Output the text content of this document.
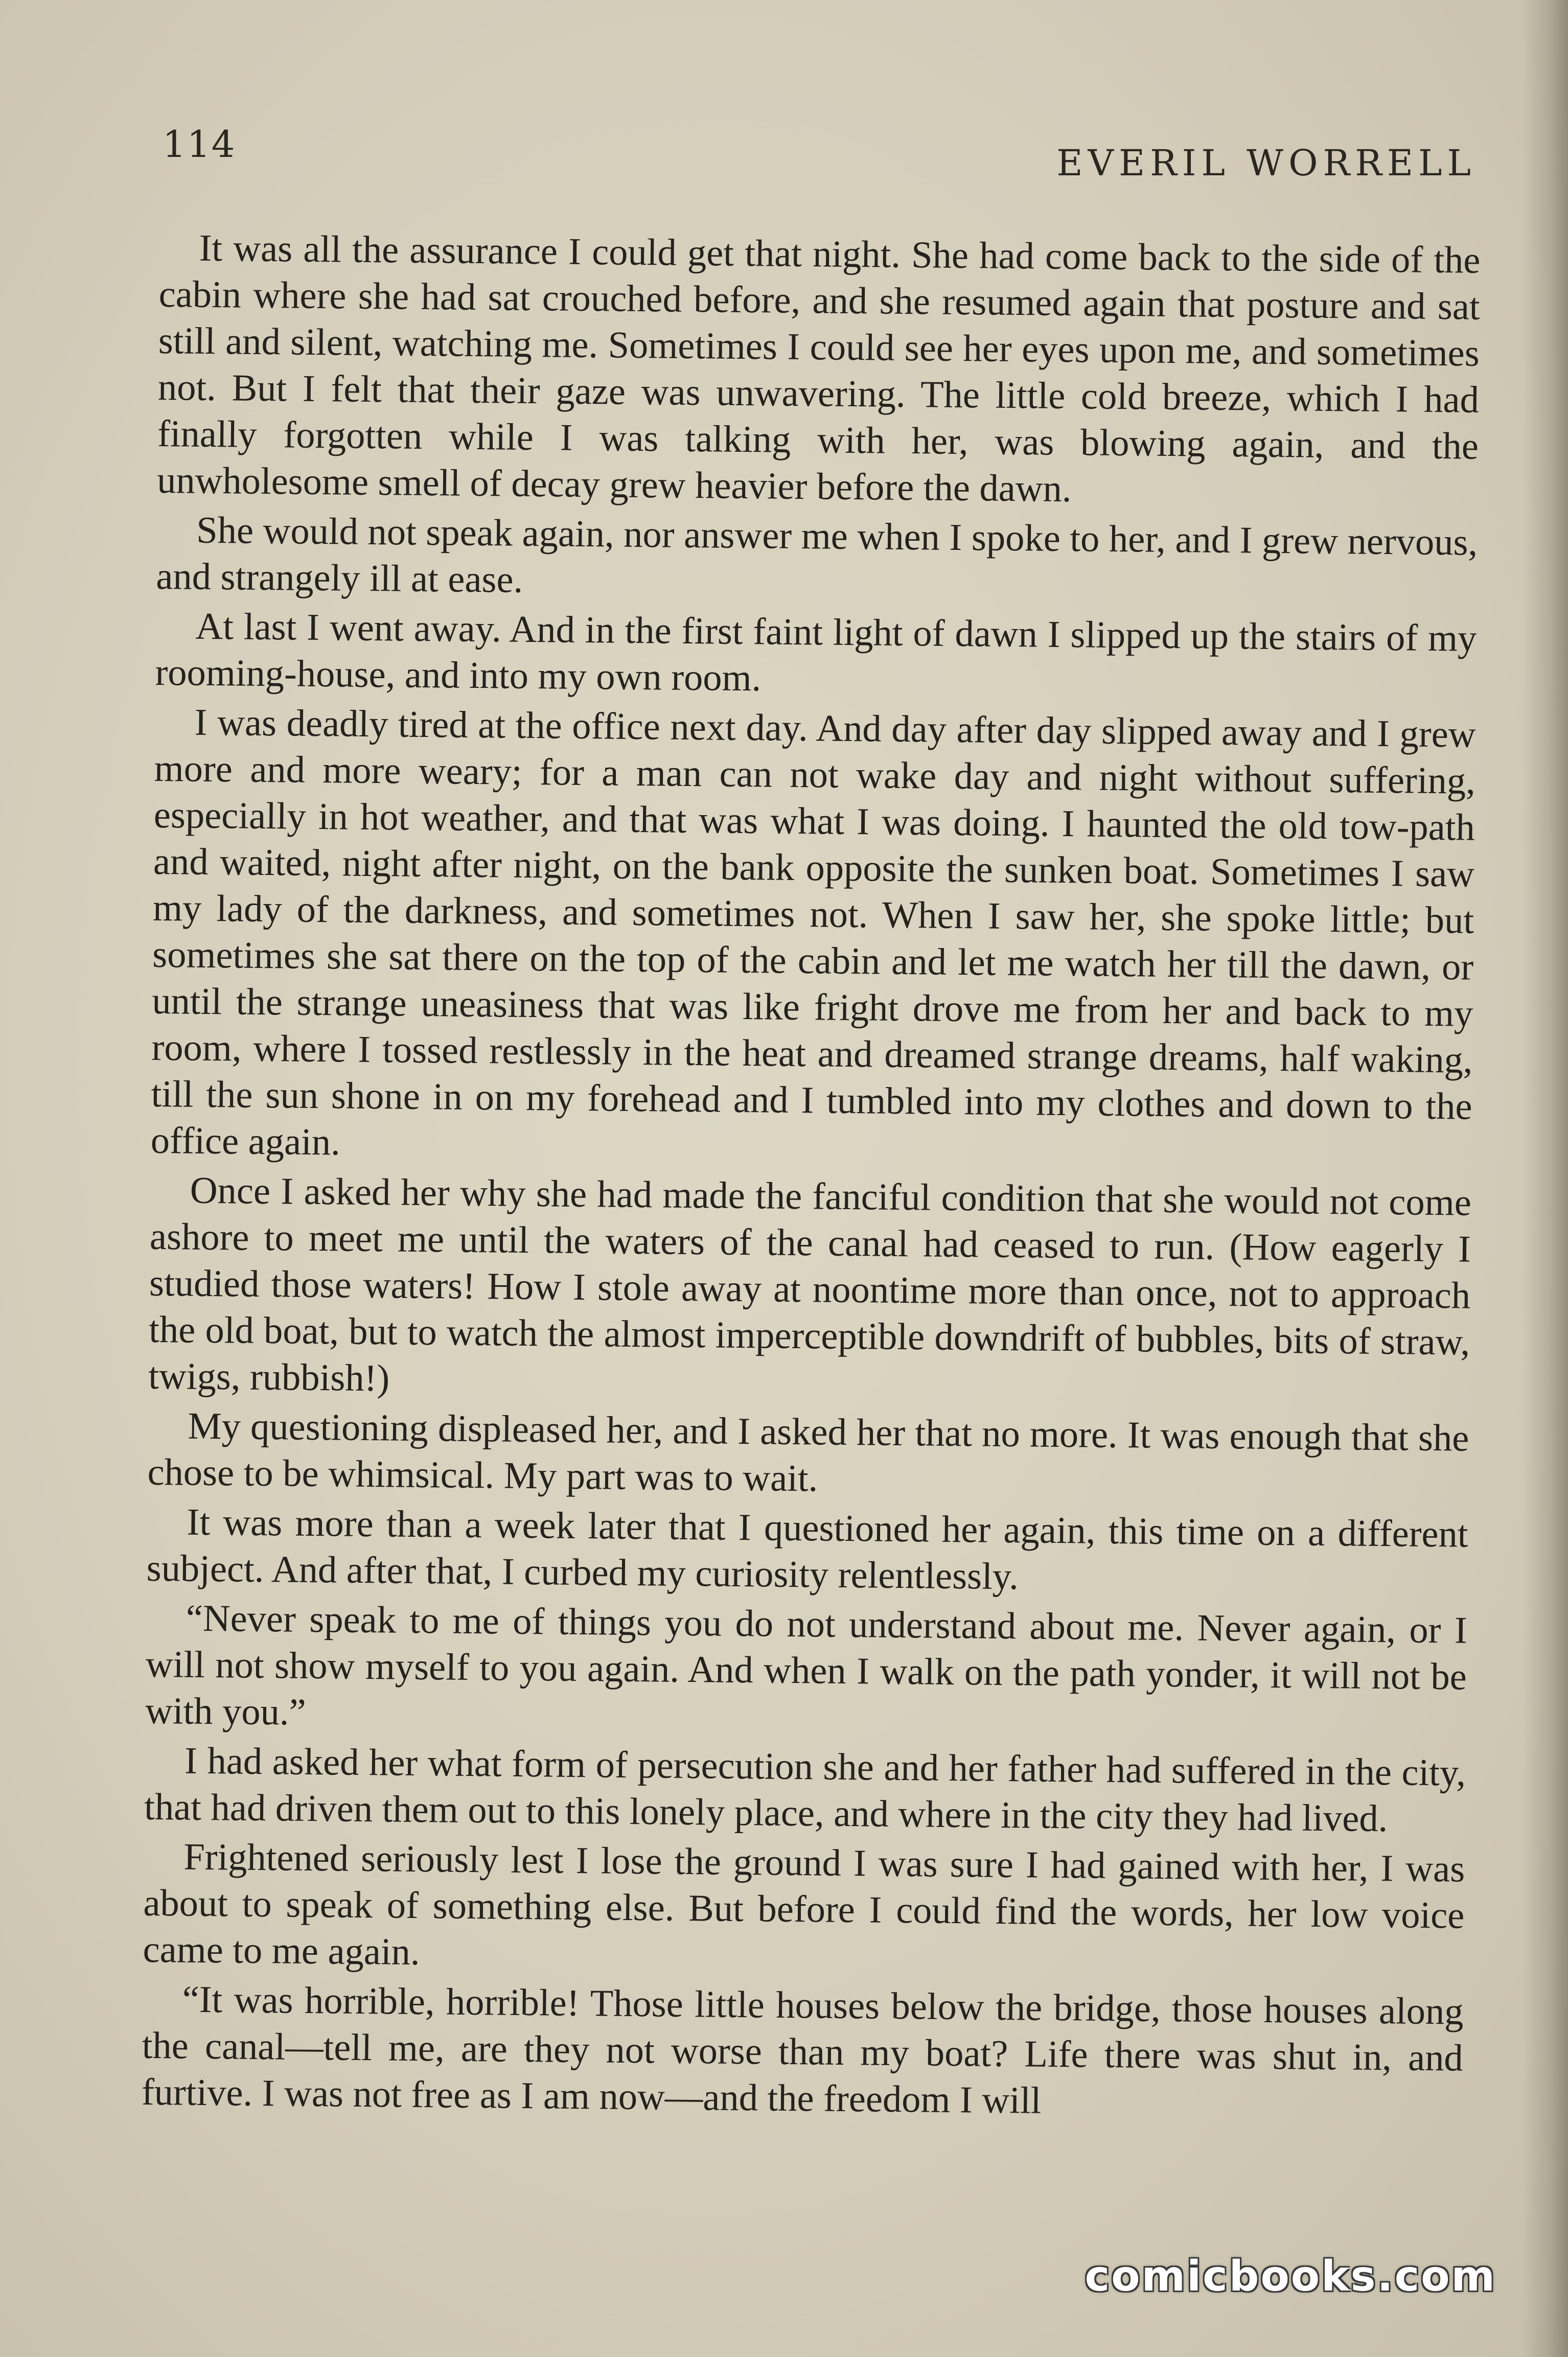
114	EVERIL WORRELL

It was all the assurance I could get that night. She had come back to the side of the cabin where she had sat crouched before, and she resumed again that posture and sat still and silent, watching me. Sometimes I could see her eyes upon me, and sometimes not. But I felt that their gaze was unwavering. The little cold breeze, which I had finally forgotten while I was talking with her, was blowing again, and the unwholesome smell of decay grew heavier before the dawn.

She would not speak again, nor answer me when I spoke to her, and I grew nervous, and strangely ill at ease.

At last I went away. And in the first faint light of dawn I slipped up the stairs of my rooming-house, and into my own room.

I was deadly tired at the office next day. And day after day slipped away and I grew more and more weary; for a man can not wake day and night without suffering, especially in hot weather, and that was what I was doing. I haunted the old tow-path and waited, night after night, on the bank opposite the sunken boat. Sometimes I saw my lady of the darkness, and sometimes not. When I saw her, she spoke little; but sometimes she sat there on the top of the cabin and let me watch her till the dawn, or until the strange uneasiness that was like fright drove me from her and back to my room, where I tossed restlessly in the heat and dreamed strange dreams, half waking, till the sun shone in on my forehead and I tumbled into my clothes and down to the office again.

Once I asked her why she had made the fanciful condition that she would not come ashore to meet me until the waters of the canal had ceased to run. (How eagerly I studied those waters! How I stole away at noontime more than once, not to approach the old boat, but to watch the almost imperceptible downdrift of bubbles, bits of straw, twigs, rubbish!)

My questioning displeased her, and I asked her that no more. It was enough that she chose to be whimsical. My part was to wait.

It was more than a week later that I questioned her again, this time on a different subject. And after that, I curbed my curiosity relentlessly.

“Never speak to me of things you do not understand about me. Never again, or I will not show myself to you again. And when I walk on the path yonder, it will not be with you.”

I had asked her what form of persecution she and her father had suffered in the city, that had driven them out to this lonely place, and where in the city they had lived.

Frightened seriously lest I lose the ground I was sure I had gained with her, I was about to speak of something else. But before I could find the words, her low voice came to me again.

“It was horrible, horrible! Those little houses below the bridge, those houses along the canal—tell me, are they not worse than my boat? Life there was shut in, and furtive. I was not free as I am now—and the freedom I will

comicbooks.com
